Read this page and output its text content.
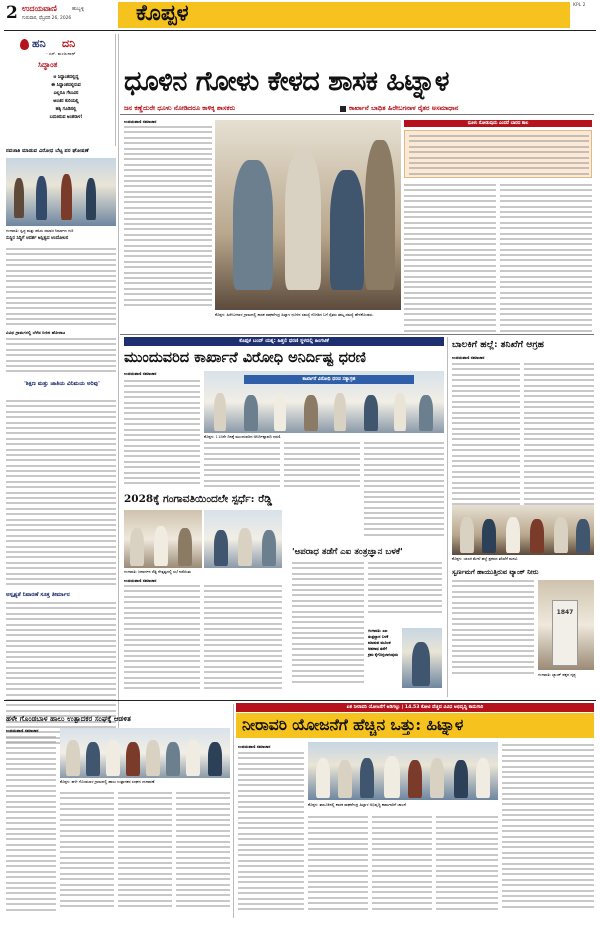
2 ಉದಯವಾಣಿ	ಹುಬ್ಬಳ್ಳಿ
ಗುರುವಾರ, ಫೆಬ್ರವರಿ 26, 2026	ಕೊಪ್ಪಳ	KPL 2
ಹನಿ ದನಿ
- ಎಸ್. ಮಂಜುನಾಥ್
ಸಿದ್ಧಾಂತ
ಆ ಸಿದ್ಧಾಂತದಲ್ಲಿದ್ದ
ಈ ಸಿದ್ಧಾಂತದಲ್ಲಿರುವ
ಎಲ್ಲರೂ ಗೆಲುವಿನ
ಅಂಚಿನ ಕುರಿಯಲ್ಲಿ
ಹಕ್ಕಿ ಗೂಡಿನಲ್ಲಿ
ಬದುಕಿರುವ ಅಂತರಾಳ!
ನವಜಾತಿ ಮಾಡುವ ವಿರೋಧ ಬೆಟ್ಟ ಪರ ಘೋಷಣೆ
ಗಂಗಾವತಿ: ಸ್ವಚ್ಛ ಮತ್ತು ಹಸಿರು ಸಮಾಜ ನಿರ್ಮಾಣ ಗುರಿ
ಸುಸ್ಥಿರ ಸಿದ್ಧಿಗೆ ಆದರ್ಶ ಅಸ್ತಿತ್ವದ ಆಂದೋಲನ
ವಿವಿಧ ಗ್ರಾಮಗಳಲ್ಲಿ ಬೆಳೆದ ನೀರಿನ ಹೋರಾಟ
'ಶಿಕ್ಷಣ ಮತ್ತು ಜಾತಿಯ ವಿನಿಮಯ ಅರಿವು'
ಅಸ್ಪೃಶ್ಯತೆ ನಿವಾರಣೆ ಸೂಕ್ತ ತೀರ್ಮಾನ
ಧೂಳಿನ ಗೋಳು ಕೇಳದ ಶಾಸಕ ಹಿಟ್ನಾಳ
ಜನ ಕಣ್ಣೆದುರೇ ಧೂಳು ನೋಡಿದರೂ ಕಾಳಿಕ್ಕ ಶಾಸಕರು	ಕಾರ್ಖಾನೆ ಬಾಧಿತ ಹಿರೇಬಗನಾಳ ರೈತರ ಅಸಮಾಧಾನ
ಉದಯವಾಣಿ ಸಮಾಚಾರ
ಕೊಪ್ಪಳ: ಹಿರೇಬಗನಾಳ ಗ್ರಾಮದಲ್ಲಿ ಶಾಸಕ ರಾಘವೇಂದ್ರ ಹಿಟ್ನಾಳ ಧೂಳಿನ ಸಮಸ್ಯೆ ನೋಡಿದ ಬಗೆ ರೈತರು ತಮ್ಮ ಸಮಸ್ಯೆ ಹೇಳಿಕೊಂಡರು.
ಧೂಳು ನೋಡುವುದು ಎಂದರೆ ಬಾರದ ಕಾಲ
ಕೊಪ್ಪಳ ಬಂದ್‌ ಯತ್ನ: ಹಿತ್ತಲಿ ಧರಣಿ ಸ್ಥಳದಲ್ಲಿ ಹಿಂಗಟಿಕೆ
ಮುಂದುವರಿದ ಕಾರ್ಖಾನೆ ವಿರೋಧಿ ಅನಿರ್ದಿಷ್ಟ ಧರಣಿ
ಉದಯವಾಣಿ ಸಮಾಚಾರ
ಕಾರ್ಖಾನೆ ವಿರೋಧಿ ಧರಣಿ ಸತ್ಯಾಗ್ರಹ
ಕೊಪ್ಪಳ: 118ನೇ ದಿನಕ್ಕೆ ಮುಂದುವರಿದ ಅನಿರ್ದಿಷ್ಟಾವಧಿ ಧರಣಿ.
2028ಕ್ಕೆ ಗಂಗಾವತಿಯಿಂದಲೇ ಸ್ಪರ್ಧೆ: ರೆಡ್ಡಿ
ಗಂಗಾವತಿ: ಜನಾರ್ದನ ರೆಡ್ಡಿ ನೇತೃತ್ವದಲ್ಲಿ ಸಭೆ ನಡೆಯಿತು
ಉದಯವಾಣಿ ಸಮಾಚಾರ
'ಅಪರಾಧ ತಡೆಗೆ ಎಐ ತಂತ್ರಜ್ಞಾನ ಬಳಕೆ'
ಗಂಗಾವತಿ: ಎಐ
ತಂತ್ರಜ್ಞಾನ ಬಳಕೆ
ಮಾಡುವ ಮೂಲಕ
ಅಪರಾಧ ತಡೆಗೆ
ಕ್ರಮ ಕೈಗೊಳ್ಳಲಾಗುವುದು
ಬಾಲಕಿಗೆ ಹಲ್ಲೆ: ತನಿಖೆಗೆ ಆಗ್ರಹ
ಉದಯವಾಣಿ ಸಮಾಚಾರ
ಕೊಪ್ಪಳ: ಬಾಲಕಿ ಮೇಲೆ ಹಲ್ಲೆ ಪ್ರಕರಣ ತನಿಖೆಗೆ ಮನವಿ
ಸ್ವರ್ಣಮಗೆ ಹಾಯುತ್ತಿರುವ ಟ್ಯಾಂಕ್ ನೀರು
1847
ಗಂಗಾವತಿ: ಟ್ಯಾಂಕ್ ಪಕ್ಕದ ದೃಶ್ಯ
ಹಳೇ ಗೊಂಡಬಾಳ ಹಾಲು ಉತ್ಪಾದಕರ ಸಂಘಕ್ಕೆ ಆಡಳಿತ
ಉದಯವಾಣಿ ಸಮಾಚಾರ
ಕೊಪ್ಪಳ: ಹಳೇ ಗೊಂಡಬಾಳ ಗ್ರಾಮದಲ್ಲಿ ಹಾಲು ಉತ್ಪಾದಕರ ಸಂಘದ ಚುನಾವಣೆ
ಏತ ನೀರಾವರಿ ಯೋಜನೆಗೆ ಅಡಿಗಲ್ಲು | 14.53 ಕೋಟಿ ವೆಚ್ಚದ ವಿವಿಧ ಅಭಿವೃದ್ಧಿ ಕಾಮಗಾರಿ
ನೀರಾವರಿ ಯೋಜನೆಗೆ ಹೆಚ್ಚಿನ ಒತ್ತು: ಹಿಟ್ನಾಳ
ಉದಯವಾಣಿ ಸಮಾಚಾರ
ಕೊಪ್ಪಳ: ತಾಲೂಕಿನಲ್ಲಿ ಶಾಸಕ ರಾಘವೇಂದ್ರ ಹಿಟ್ನಾಳ ಅಭಿವೃದ್ಧಿ ಕಾಮಗಾರಿಗೆ ಚಾಲನೆ
